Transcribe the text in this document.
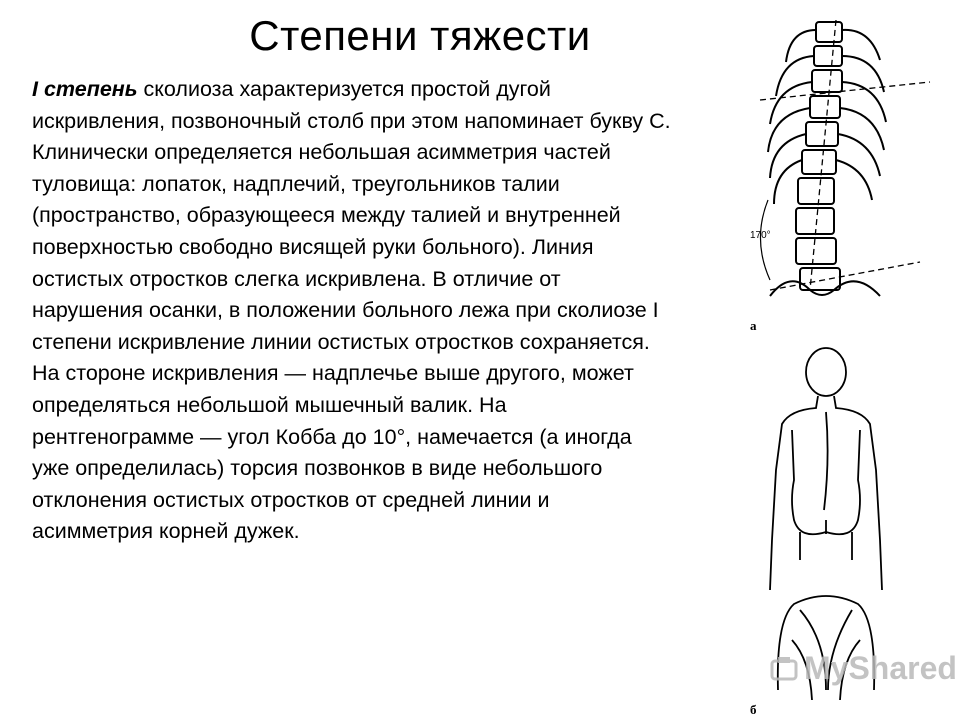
Степени тяжести

I степень сколиоза характеризуется простой дугой искривления, позвоночный столб при этом напоминает букву С. Клинически определяется небольшая асимметрия частей туловища: лопаток, надплечий, треугольников талии (пространство, образующееся между талией и внутренней поверхностью свободно висящей руки больного). Линия остистых отростков слегка искривлена. В отличие от нарушения осанки, в положении больного лежа при сколиозе I степени искривление линии остистых отростков сохраняется. На стороне искривления — надплечье выше другого, может определяться небольшой мышечный валик. На рентгенограмме — угол Кобба до 10°, намечается (а иногда уже определилась) торсия позвонков в виде небольшого отклонения остистых отростков от средней линии и асимметрия корней дужек.

170°
а
б
MyShared
